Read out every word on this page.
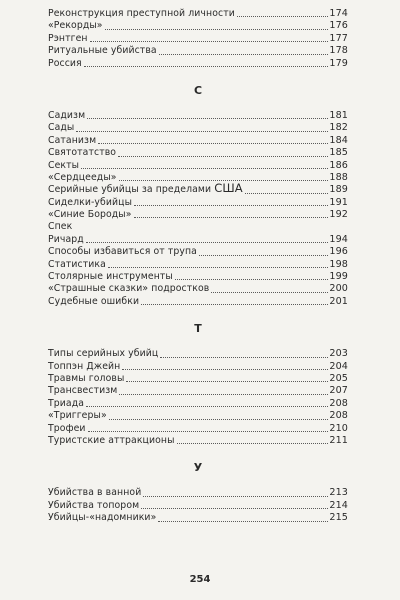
Реконструкция преступной личности	174
«Рекорды»	176
Рэнтген	177
Ритуальные убийства	178
Россия	179
С
Садизм	181
Сады	182
Сатанизм	184
Святотатство	185
Секты	186
«Сердцееды»	188
Серийные убийцы за пределами США	189
Сиделки-убийцы	191
«Синие Бороды»	192
Спек
Ричард	194
Способы избавиться от трупа	196
Статистика	198
Столярные инструменты	199
«Страшные сказки» подростков	200
Судебные ошибки	201
Т
Типы серийных убийц	203
Топпэн Джейн	204
Травмы головы	205
Трансвестизм	207
Триада	208
«Триггеры»	208
Трофеи	210
Туристские аттракционы	211
У
Убийства в ванной	213
Убийства топором	214
Убийцы-«надомники»	215
254
